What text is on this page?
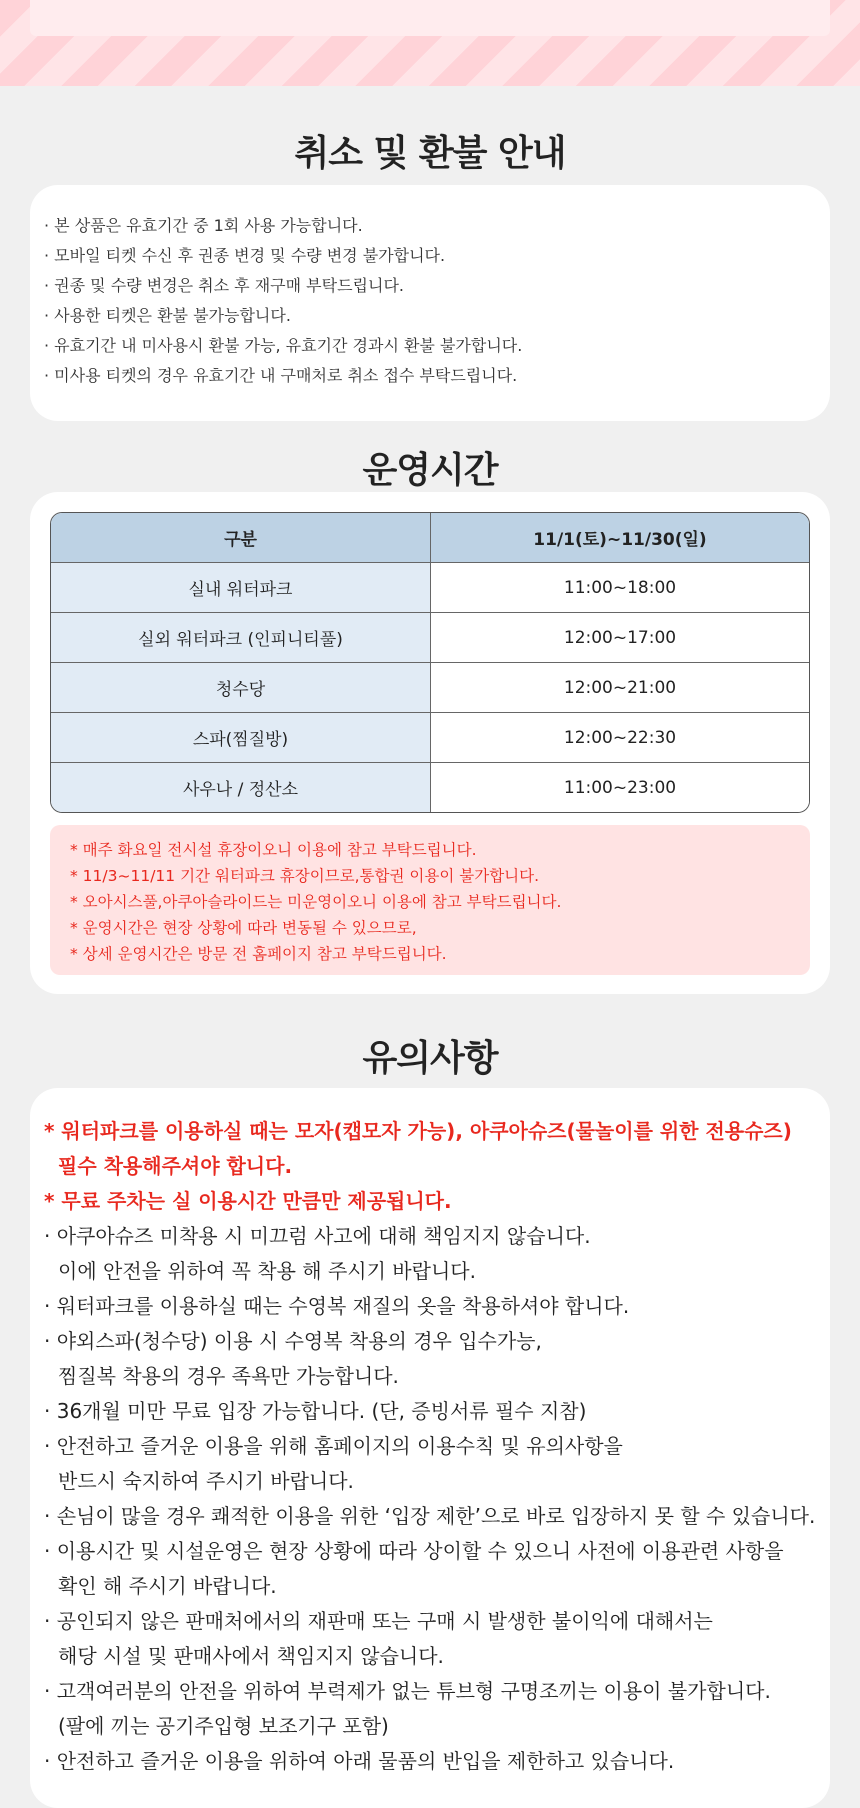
취소 및 환불 안내
· 본 상품은 유효기간 중 1회 사용 가능합니다.
· 모바일 티켓 수신 후 권종 변경 및 수량 변경 불가합니다.
· 권종 및 수량 변경은 취소 후 재구매 부탁드립니다.
· 사용한 티켓은 환불 불가능합니다.
· 유효기간 내 미사용시 환불 가능, 유효기간 경과시 환불 불가합니다.
· 미사용 티켓의 경우 유효기간 내 구매처로 취소 접수 부탁드립니다.
운영시간
구분	11/1(토)~11/30(일)
실내 워터파크	11:00~18:00
실외 워터파크 (인피니티풀)	12:00~17:00
청수당	12:00~21:00
스파(찜질방)	12:00~22:30
사우나 / 정산소	11:00~23:00

* 매주 화요일 전시설 휴장이오니 이용에 참고 부탁드립니다.

* 11/3~11/11 기간 워터파크 휴장이므로,통합권 이용이 불가합니다.

* 오아시스풀,아쿠아슬라이드는 미운영이오니 이용에 참고 부탁드립니다.

* 운영시간은 현장 상황에 따라 변동될 수 있으므로,

* 상세 운영시간은 방문 전 홈페이지 참고 부탁드립니다.

유의사항
* 워터파크를 이용하실 때는 모자(캡모자 가능), 아쿠아슈즈(물놀이를 위한 전용슈즈)
필수 착용해주셔야 합니다.
* 무료 주차는 실 이용시간 만큼만 제공됩니다.
· 아쿠아슈즈 미착용 시 미끄럼 사고에 대해 책임지지 않습니다.
이에 안전을 위하여 꼭 착용 해 주시기 바랍니다.
· 워터파크를 이용하실 때는 수영복 재질의 옷을 착용하셔야 합니다.
· 야외스파(청수당) 이용 시 수영복 착용의 경우 입수가능,
찜질복 착용의 경우 족욕만 가능합니다.
· 36개월 미만 무료 입장 가능합니다. (단, 증빙서류 필수 지참)
· 안전하고 즐거운 이용을 위해 홈페이지의 이용수칙 및 유의사항을
반드시 숙지하여 주시기 바랍니다.
· 손님이 많을 경우 쾌적한 이용을 위한 ‘입장 제한’으로 바로 입장하지 못 할 수 있습니다.
· 이용시간 및 시설운영은 현장 상황에 따라 상이할 수 있으니 사전에 이용관련 사항을
확인 해 주시기 바랍니다.
· 공인되지 않은 판매처에서의 재판매 또는 구매 시 발생한 불이익에 대해서는
해당 시설 및 판매사에서 책임지지 않습니다.
· 고객여러분의 안전을 위하여 부력제가 없는 튜브형 구명조끼는 이용이 불가합니다.
(팔에 끼는 공기주입형 보조기구 포함)
· 안전하고 즐거운 이용을 위하여 아래 물품의 반입을 제한하고 있습니다.
